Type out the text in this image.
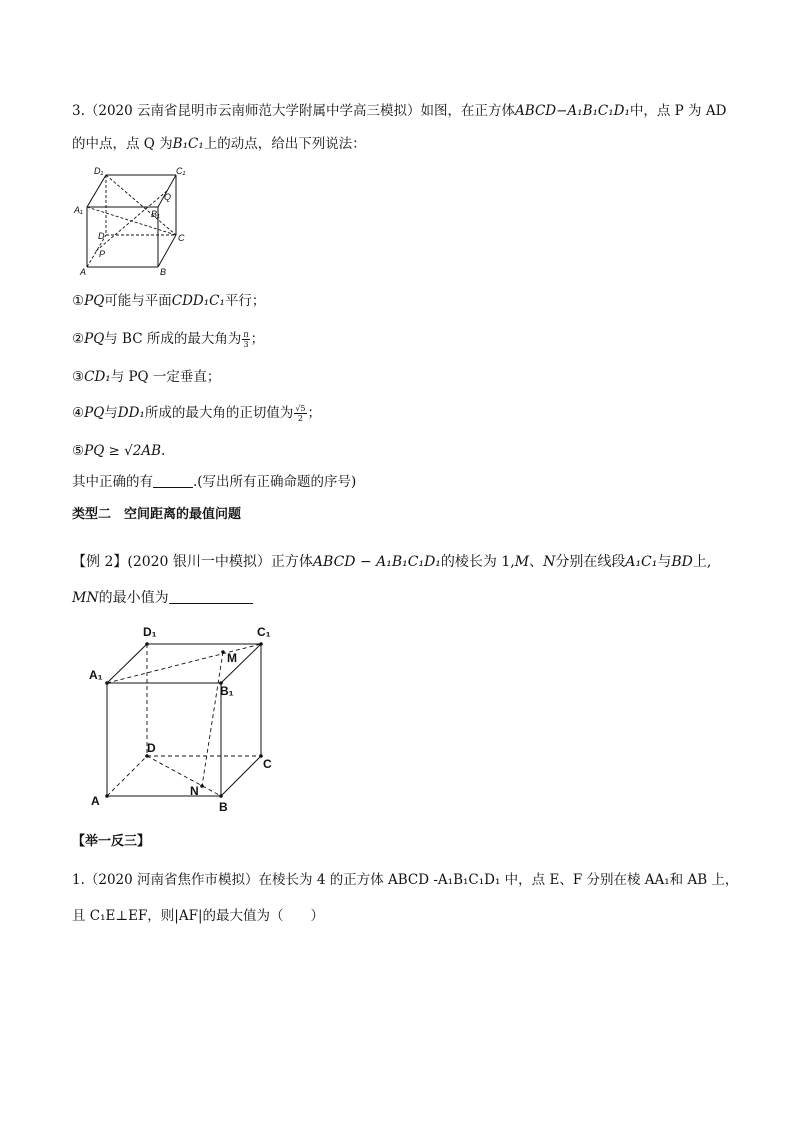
3.（2020 云南省昆明市云南师范大学附属中学高三模拟）如图，在正方体ABCD−A₁B₁C₁D₁中，点 P 为 AD
的中点，点 Q 为B₁C₁上的动点，给出下列说法：
D₁	C₁
A₁	B₁
Q
D	C
P
A	B
①PQ可能与平面CDD₁C₁平行；
②PQ与 BC 所成的最大角为 $\frac{\pi}{3}$ ；
③CD₁与 PQ 一定垂直；
④PQ与DD₁所成的最大角的正切值为 $\frac{√5}{2}$ ；
⑤PQ ≥ √2AB.
其中正确的有	.(写出所有正确命题的序号)
类型二　空间距离的最值问题
【例 2】(2020 银川一中模拟）正方体ABCD − A₁B₁C₁D₁的棱长为 1,M、N分别在线段A₁C₁与BD上,
MN的最小值为
D₁	C₁
M
A₁
B₁
D
C
A
N
B
【举一反三】
1.（2020 河南省焦作市模拟）在棱长为 4 的正方体 ABCD -A₁B₁C₁D₁ 中，点 E、F 分别在棱 AA₁和 AB 上，
且 C₁E⊥EF，则|AF|的最大值为（　　）
